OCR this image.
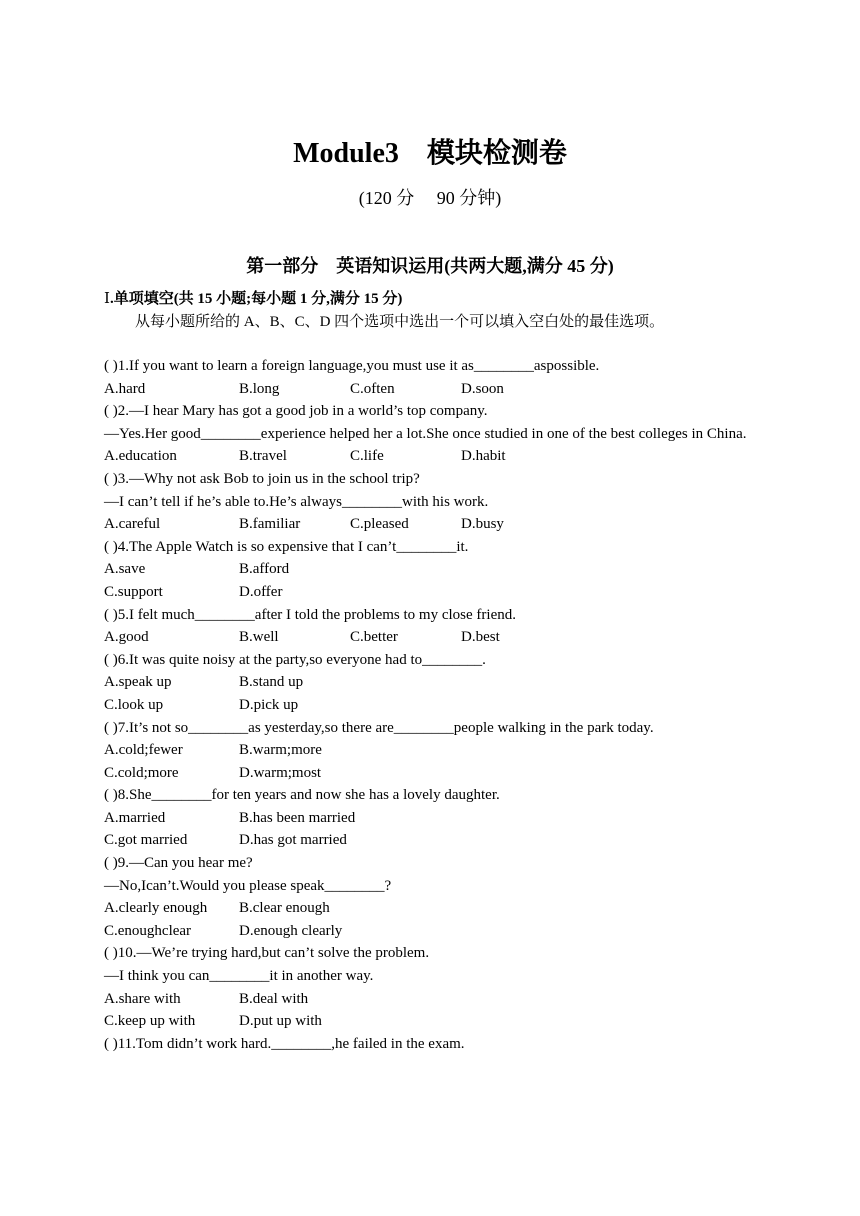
Module3　模块检测卷
(120 分　 90 分钟)
第一部分　英语知识运用(共两大题,满分 45 分)
Ⅰ.单项填空(共 15 小题;每小题 1 分,满分 15 分)
从每小题所给的 A、B、C、D 四个选项中选出一个可以填入空白处的最佳选项。
( )1.If you want to learn a foreign language,you must use it as________aspossible.
A.hard	B.long	C.often	D.soon
( )2.—I hear Mary has got a good job in a world’s top company.
—Yes.Her good________experience helped her a lot.She once studied in one of the best colleges in China.
A.education	B.travel	C.life	D.habit
( )3.—Why not ask Bob to join us in the school trip?
—I can’t tell if he’s able to.He’s always________with his work.
A.careful	B.familiar	C.pleased	D.busy
( )4.The Apple Watch is so expensive that I can’t________it.
A.save	B.afford
C.support	D.offer
( )5.I felt much________after I told the problems to my close friend.
A.good	B.well	C.better	D.best
( )6.It was quite noisy at the party,so everyone had to________.
A.speak up	B.stand up
C.look up	D.pick up
( )7.It’s not so________as yesterday,so there are________people walking in the park today.
A.cold;fewer	B.warm;more
C.cold;more	D.warm;most
( )8.She________for ten years and now she has a lovely daughter.
A.married	B.has been married
C.got married	D.has got married
( )9.—Can you hear me?
—No,Ican’t.Would you please speak________?
A.clearly enough	B.clear enough
C.enoughclear	D.enough clearly
( )10.—We’re trying hard,but can’t solve the problem.
—I think you can________it in another way.
A.share with	B.deal with
C.keep up with	D.put up with
( )11.Tom didn’t work hard.________,he failed in the exam.
